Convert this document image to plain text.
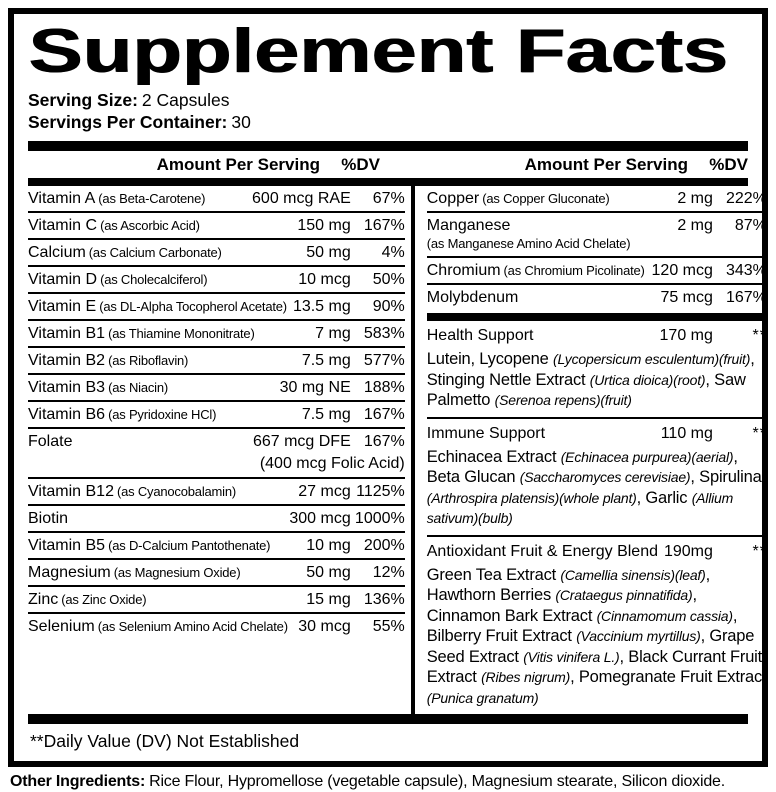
Supplement Facts
Serving Size: 2 Capsules
Servings Per Container: 30
Amount Per Serving	%DV	Amount Per Serving	%DV
Vitamin A (as Beta-Carotene)	600 mcg RAE	67%
Vitamin C (as Ascorbic Acid)	150 mg 167%
Calcium (as Calcium Carbonate)	50 mg	4%
Vitamin D (as Cholecalciferol)	10 mcg	50%
Vitamin E (as DL-Alpha Tocopherol Acetate) 13.5 mg	90%
Vitamin B1 (as Thiamine Mononitrate)	7 mg 583%
Vitamin B2 (as Riboflavin)	7.5 mg 577%
Vitamin B3 (as Niacin)	30 mg NE 188%
Vitamin B6 (as Pyridoxine HCl)	7.5 mg 167%
Folate	667 mcg DFE 167%
(400 mcg Folic Acid)
Vitamin B12 (as Cyanocobalamin)	27 mcg 1125%
Biotin	300 mcg 1000%
Vitamin B5 (as D-Calcium Pantothenate)	10 mg 200%
Magnesium (as Magnesium Oxide)	50 mg	12%
Zinc (as Zinc Oxide)	15 mg 136%
Selenium (as Selenium Amino Acid Chelate) 30 mcg	55%
Copper (as Copper Gluconate)	2 mg 222%
Manganese	2 mg	87%
(as Manganese Amino Acid Chelate)
Chromium (as Chromium Picolinate) 120 mcg 343%
Molybdenum	75 mcg 167%
Health Support	170 mg	**
Lutein, Lycopene (Lycopersicum esculentum)(fruit), Stinging Nettle Extract (Urtica dioica)(root), Saw Palmetto (Serenoa repens)(fruit)
Immune Support	110 mg	**
Echinacea Extract (Echinacea purpurea)(aerial), Beta Glucan (Saccharomyces cerevisiae), Spirulina (Arthrospira platensis)(whole plant), Garlic (Allium sativum)(bulb)
Antioxidant Fruit & Energy Blend 190mg	**
Green Tea Extract (Camellia sinensis)(leaf), Hawthorn Berries (Crataegus pinnatifida), Cinnamon Bark Extract (Cinnamomum cassia), Bilberry Fruit Extract (Vaccinium myrtillus), Grape Seed Extract (Vitis vinifera L.), Black Currant Fruit Extract (Ribes nigrum), Pomegranate Fruit Extract (Punica granatum)
**Daily Value (DV) Not Established
Other Ingredients: Rice Flour, Hypromellose (vegetable capsule), Magnesium stearate, Silicon dioxide.
